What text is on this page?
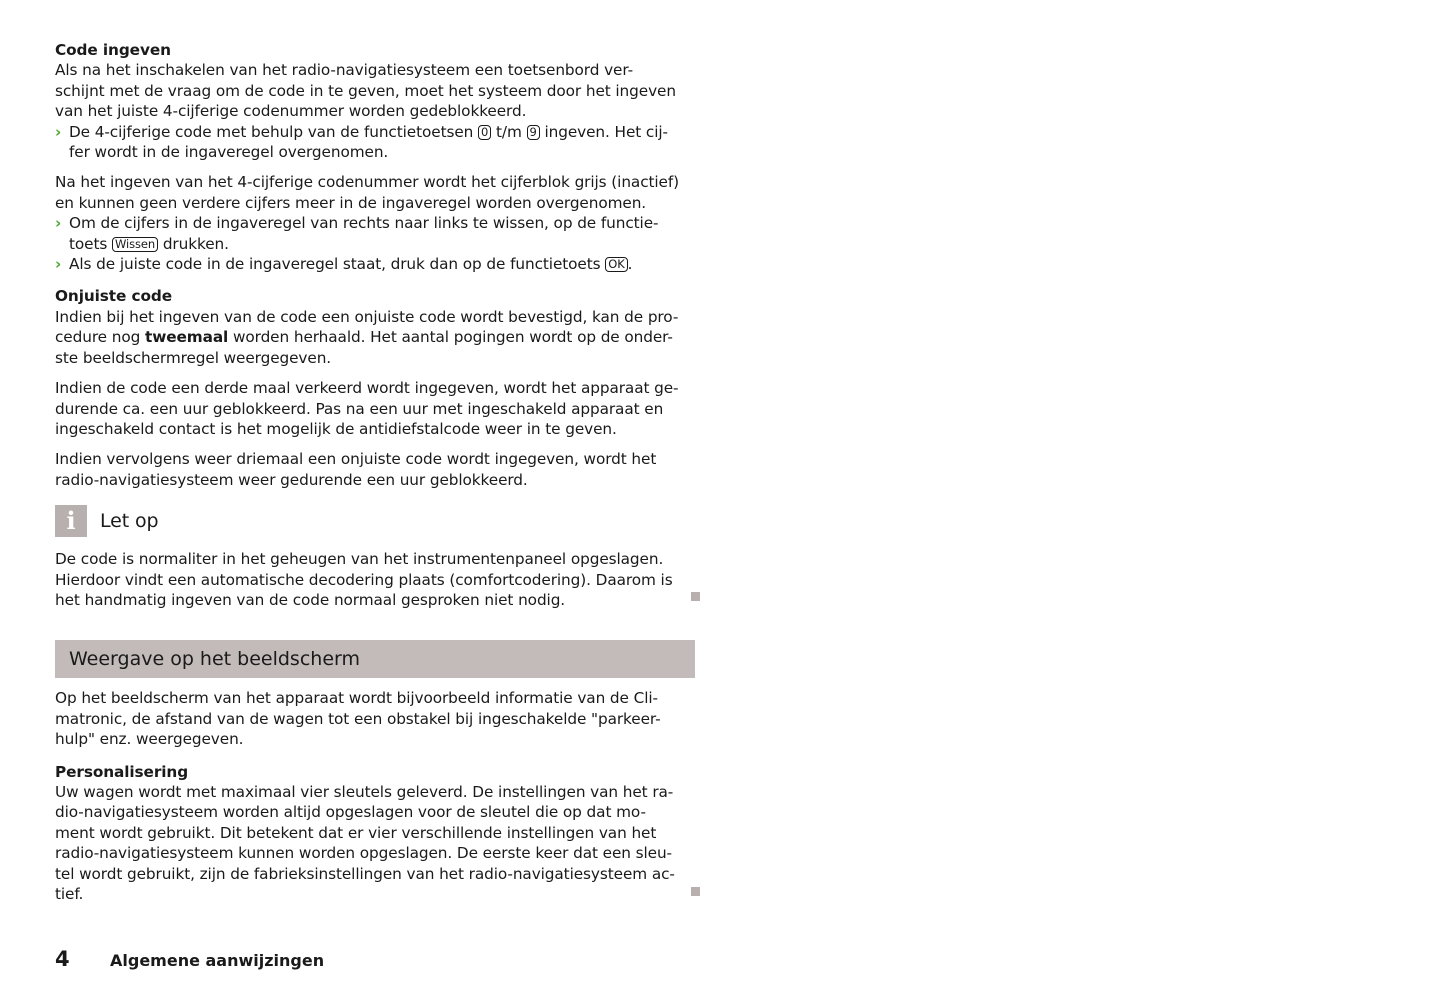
Code ingeven
Als na het inschakelen van het radio-navigatiesysteem een toetsenbord ver-
schijnt met de vraag om de code in te geven, moet het systeem door het ingeven
van het juiste 4-cijferige codenummer worden gedeblokkeerd.
› De 4-cijferige code met behulp van de functietoetsen 0 t/m 9 ingeven. Het cij-
fer wordt in de ingaveregel overgenomen.
Na het ingeven van het 4-cijferige codenummer wordt het cijferblok grijs (inactief)
en kunnen geen verdere cijfers meer in de ingaveregel worden overgenomen.
› Om de cijfers in de ingaveregel van rechts naar links te wissen, op de functie-
toets Wissen drukken.
› Als de juiste code in de ingaveregel staat, druk dan op de functietoets OK .
Onjuiste code

Indien bij het ingeven van de code een onjuiste code wordt bevestigd, kan de pro-
cedure nog tweemaal worden herhaald. Het aantal pogingen wordt op de onder-
ste beeldschermregel weergegeven.

Indien de code een derde maal verkeerd wordt ingegeven, wordt het apparaat ge-
durende ca. een uur geblokkeerd. Pas na een uur met ingeschakeld apparaat en
ingeschakeld contact is het mogelijk de antidiefstalcode weer in te geven.

Indien vervolgens weer driemaal een onjuiste code wordt ingegeven, wordt het
radio-navigatiesysteem weer gedurende een uur geblokkeerd.

i	Let op

De code is normaliter in het geheugen van het instrumentenpaneel opgeslagen.
Hierdoor vindt een automatische decodering plaats (comfortcodering). Daarom is
het handmatig ingeven van de code normaal gesproken niet nodig.

Weergave op het beeldscherm

Op het beeldscherm van het apparaat wordt bijvoorbeeld informatie van de Cli-
matronic, de afstand van de wagen tot een obstakel bij ingeschakelde "parkeer-
hulp" enz. weergegeven.

Personalisering

Uw wagen wordt met maximaal vier sleutels geleverd. De instellingen van het ra-
dio-navigatiesysteem worden altijd opgeslagen voor de sleutel die op dat mo-
ment wordt gebruikt. Dit betekent dat er vier verschillende instellingen van het
radio-navigatiesysteem kunnen worden opgeslagen. De eerste keer dat een sleu-
tel wordt gebruikt, zijn de fabrieksinstellingen van het radio-navigatiesysteem ac-
tief.

4	Algemene aanwijzingen
